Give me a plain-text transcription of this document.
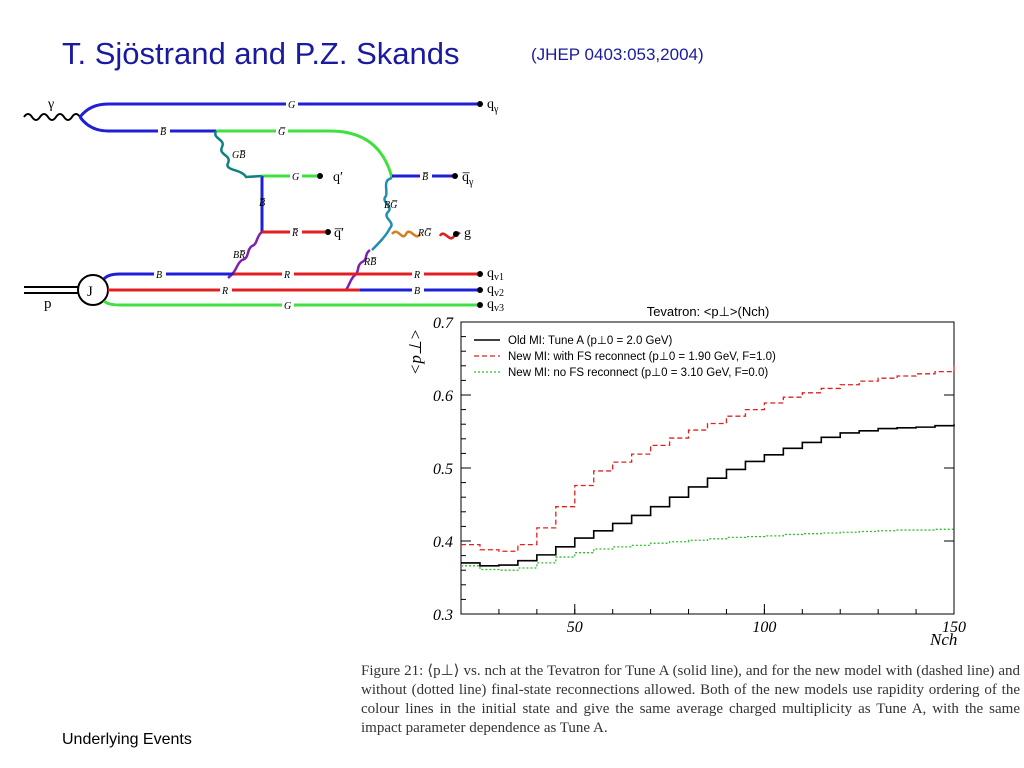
T. Sjöstrand and P.Z. Skands	(JHEP 0403:053,2004)
γ
p
J
$q_\gamma$
$q̅_\gamma$
q′
q̅′	g
$q_{v1}$
$q_{v2}$
$q_{v3}$
G
B̅	G̅
G	B̅
B̅
R̅
B	R	R
R	B
G
GB̅
BG̅
RG̅
BR̅
RB̅
Tevatron: <p⊥>(Nch)
<p⊥>
Nch
0.3
0.4
0.5
0.6
0.7
50	100	150
Old MI: Tune A (p⊥0 = 2.0 GeV)
New MI: with FS reconnect (p⊥0 = 1.90 GeV, F=1.0)
New MI: no FS reconnect (p⊥0 = 3.10 GeV, F=0.0)
Figure 21: ⟨p⊥⟩ vs. nch at the Tevatron for Tune A (solid line), and for the new model with (dashed line) and without (dotted line) final-state reconnections allowed. Both of the new models use rapidity ordering of the colour lines in the initial state and give the same average charged multiplicity as Tune A, with the same impact parameter dependence as Tune A.
Underlying Events
